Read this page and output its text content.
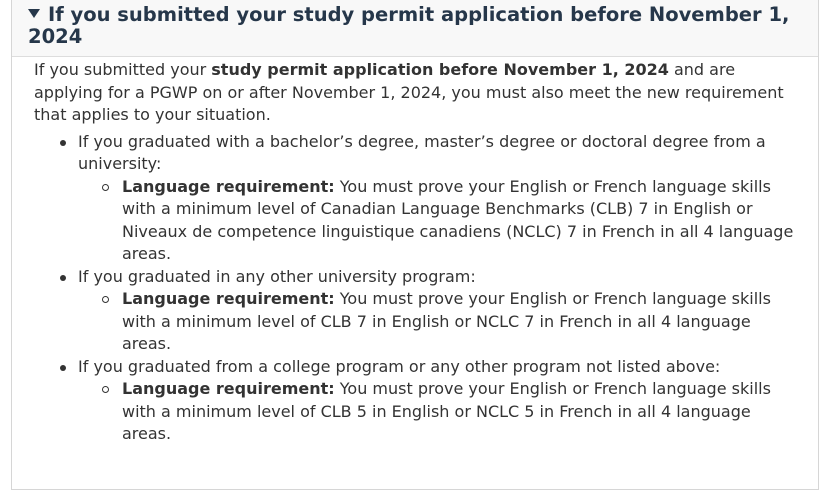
If you submitted your study permit application before November 1, 2024

If you submitted your study permit application before November 1, 2024 and are applying for a PGWP on or after November 1, 2024, you must also meet the new requirement that applies to your situation.

If you graduated with a bachelor’s degree, master’s degree or doctoral degree from a university:
Language requirement: You must prove your English or French language skills with a minimum level of Canadian Language Benchmarks (CLB) 7 in English or Niveaux de competence linguistique canadiens (NCLC) 7 in French in all 4 language areas.
If you graduated in any other university program:
Language requirement: You must prove your English or French language skills with a minimum level of CLB 7 in English or NCLC 7 in French in all 4 language areas.
If you graduated from a college program or any other program not listed above:
Language requirement: You must prove your English or French language skills with a minimum level of CLB 5 in English or NCLC 5 in French in all 4 language areas.
